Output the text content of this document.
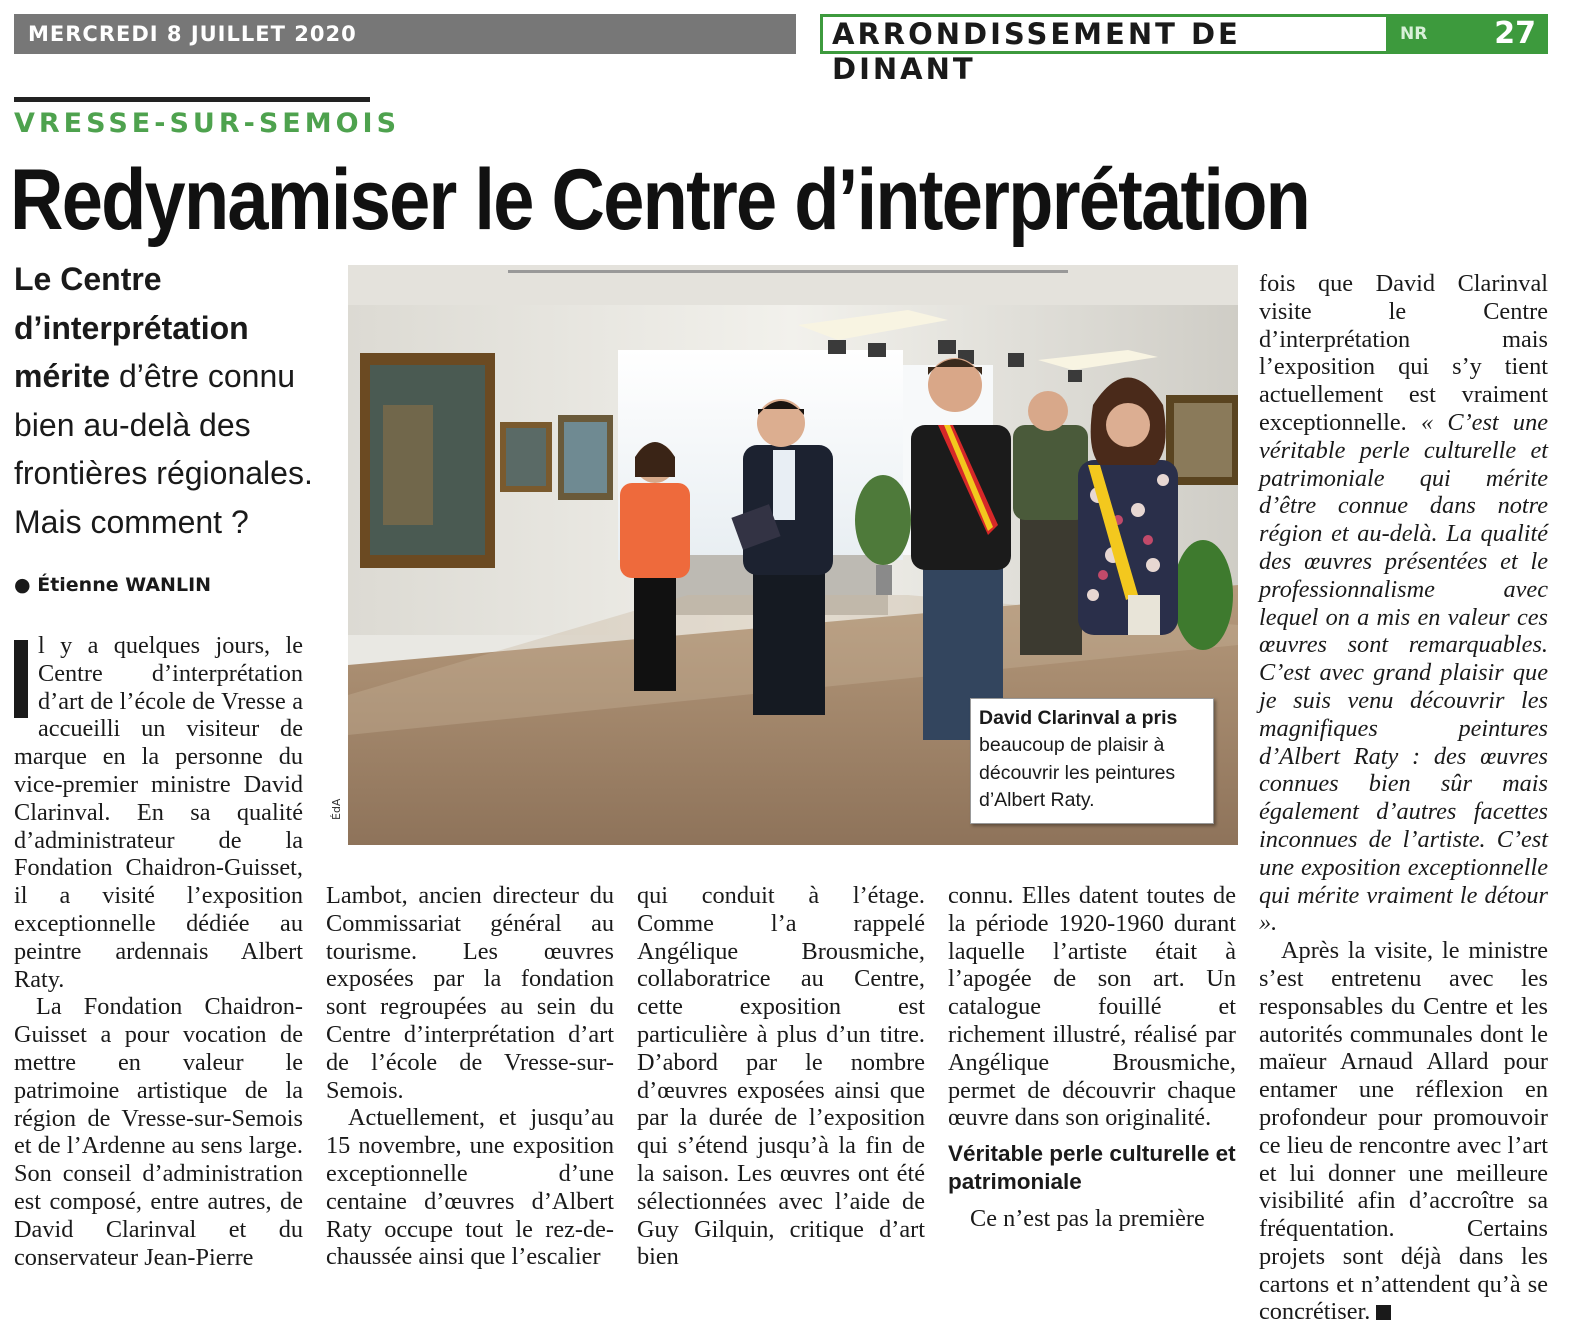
MERCREDI 8 JUILLET 2020	ARRONDISSEMENT DE DINANT
NR 27
VRESSE-SUR-SEMOIS
Redynamiser le Centre d’interprétation
Le Centre d’interprétation mérite d’être connu bien au-delà des frontières régionales. Mais comment ?
● Étienne WANLIN
ÉdA
David Clarinval a pris beaucoup de plaisir à découvrir les peintures d’Albert Raty.

l y a quelques jours, le Centre d’interprétation d’art de l’école de Vresse a accueilli un visiteur de marque en la personne du vice-premier ministre David Clarinval. En sa qualité d’administrateur de la Fondation Chaidron-Guisset, il a visité l’exposition exceptionnelle dédiée au peintre ardennais Albert Raty.

La Fondation Chaidron-Guisset a pour vocation de mettre en valeur le patrimoine artistique de la région de Vresse-sur-Semois et de l’Ardenne au sens large. Son conseil d’administration est composé, entre autres, de David Clarinval et du conservateur Jean-Pierre

Lambot, ancien directeur du Commissariat général au tourisme. Les œuvres exposées par la fondation sont regroupées au sein du Centre d’interprétation d’art de l’école de Vresse-sur-Semois.

Actuellement, et jusqu’au 15 novembre, une exposition exceptionnelle d’une centaine d’œuvres d’Albert Raty occupe tout le rez-de-chaussée ainsi que l’escalier

qui conduit à l’étage. Comme l’a rappelé Angélique Brousmiche, collaboratrice au Centre, cette exposition est particulière à plus d’un titre. D’abord par le nombre d’œuvres exposées ainsi que par la durée de l’exposition qui s’étend jusqu’à la fin de la saison. Les œuvres ont été sélectionnées avec l’aide de Guy Gilquin, critique d’art bien

connu. Elles datent toutes de la période 1920-1960 durant laquelle l’artiste était à l’apogée de son art. Un catalogue fouillé et richement illustré, réalisé par Angélique Brousmiche, permet de découvrir chaque œuvre dans son originalité.

Véritable perle culturelle et patrimoniale

Ce n’est pas la première

fois que David Clarinval visite le Centre d’interprétation mais l’exposition qui s’y tient actuellement est vraiment exceptionnelle. « C’est une véritable perle culturelle et patrimoniale qui mérite d’être connue dans notre région et au-delà. La qualité des œuvres présentées et le professionnalisme avec lequel on a mis en valeur ces œuvres sont remarquables. C’est avec grand plaisir que je suis venu découvrir les magnifiques peintures d’Albert Raty : des œuvres connues bien sûr mais également d’autres facettes inconnues de l’artiste. C’est une exposition exceptionnelle qui mérite vraiment le détour ».

Après la visite, le ministre s’est entretenu avec les responsables du Centre et les autorités communales dont le maïeur Arnaud Allard pour entamer une réflexion en profondeur pour promouvoir ce lieu de rencontre avec l’art et lui donner une meilleure visibilité afin d’accroître sa fréquentation. Certains projets sont déjà dans les cartons et n’attendent qu’à se concrétiser.
